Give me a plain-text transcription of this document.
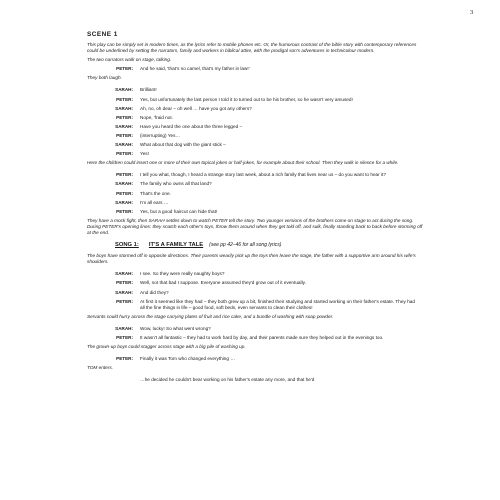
3
SCENE 1
This play can be simply set in modern times, as the lyrics refer to mobile phones etc. Or, the humorous contrast of the bible story with contemporary references could be underlined by setting the narrators, family and workers in biblical attire, with the prodigal son's adventures in technicolour modern.
The two narrators walk on stage, talking.
PETER:	And he said, 'that's no camel, that's my father in law!'
They both laugh.
SARAH:	Brilliant!
PETER:	Yes, but unfortunately the last person I told it to turned out to be his brother, so he wasn't very amused!
SARAH:	Ah, no, oh dear – oh well … have you got any others?
PETER:	Nope, 'fraid not.
SARAH:	Have you heard the one about the three legged –
PETER:	(interrupting) Yes…
SARAH:	What about that dog with the giant stick –
PETER:	Yes!
Here the children could insert one or more of their own topical jokes or half-jokes, for example about their school. Then they walk in silence for a while.
PETER:	I tell you what, though, I heard a strange story last week, about a rich family that lives near us – do you want to hear it?
SARAH:	The family who owns all that land?
PETER:	That's the one.
SARAH:	I'm all ears …
PETER:	Yes, but a good haircut can hide that!
They have a mock fight, then SARAH settles down to watch PETER tell the story. Two younger versions of the brothers come on stage to act during the song. During PETER's opening lines: they snatch each other's toys, throw them around when they get told off, and sulk, finally standing back to back before storming off at the end.
SONG 1: IT'S A FAMILY TALE (see pp 42–46 for all song lyrics)
The boys have stormed off in opposite directions. Their parents wearily pick up the toys then leave the stage, the father with a supportive arm around his wife's shoulders.
SARAH:	I see. So they were really naughty boys?
PETER:	Well, not that bad I suppose. Everyone assumed they'd grow out of it eventually.
SARAH:	And did they?
PETER:	At first it seemed like they had – they both grew up a bit, finished their studying and started working on their father's estate. They had all the fine things in life – good food, soft beds, even servants to clean their clothes!
Servants could hurry across the stage carrying plates of fruit and rice cake, and a bundle of washing with soap powder.
SARAH:	Wow, lucky! So what went wrong?
PETER:	It wasn't all fantastic – they had to work hard by day, and their parents made sure they helped out in the evenings too.
The grown-up boys could stagger across stage with a big pile of washing up.
PETER:	Finally it was Tom who changed everything …
TOM enters.
…he decided he couldn't bear working on his father's estate any more, and that he'd
